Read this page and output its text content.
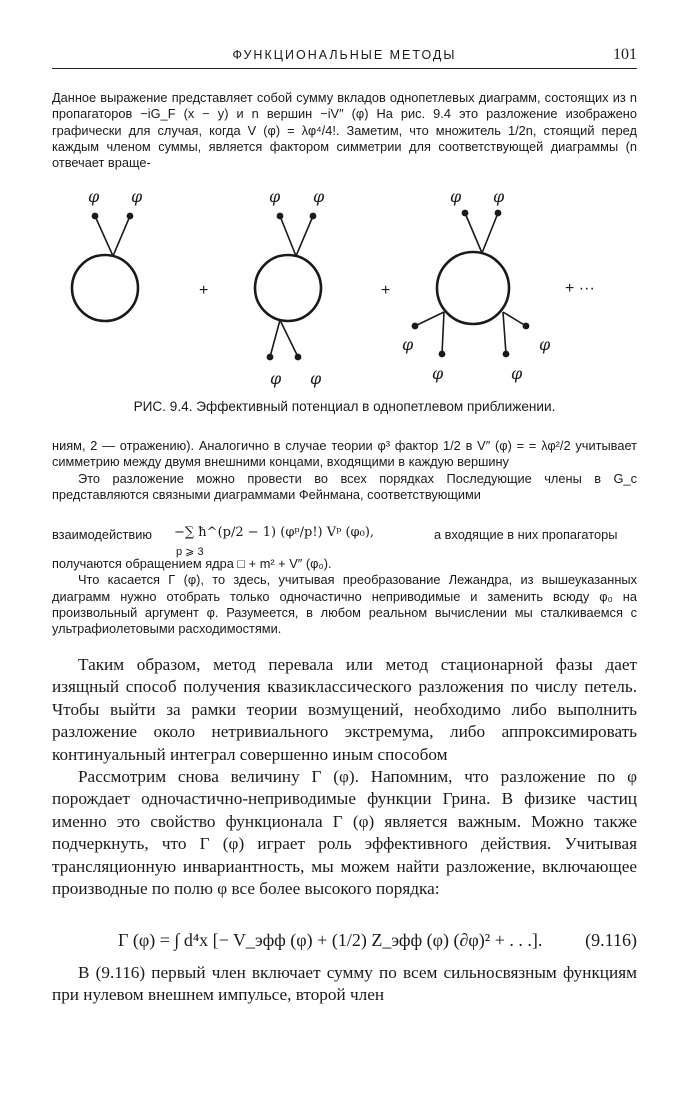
ФУНКЦИОНАЛЬНЫЕ МЕТОДЫ	101

Данное выражение представляет собой сумму вкладов однопетлевых диаграмм, состоящих из n пропагаторов −iG_F (x − y) и n вершин −iV″ (φ) На рис. 9.4 это разложение изображено графически для случая, когда V (φ) = λφ⁴/4!. Заметим, что множитель 1/2n, стоящий перед каждым членом суммы, является фактором симметрии для соответствующей диаграммы (n отвечает враще-

φ φ	φ φ
φ φ
φ φ
φ
φ
φ
φ
+	+	+ ···
РИС. 9.4. Эффективный потенциал в однопетлевом приближении.

ниям, 2 — отражению). Аналогично в случае теории φ³ фактор 1/2 в V″ (φ) = = λφ²/2 учитывает симметрию между двумя внешними концами, входящими в каждую вершину

Это разложение можно провести во всех порядках Последующие члены в G_c представляются связными диаграммами Фейнмана, соответствующими

взаимодействию −∑ ħ^(p/2 − 1) (φᵖ/p!) Vᵖ (φ₀),
p ⩾ 3
а входящие в них пропагаторы

получаются обращением ядра □ + m² + V″ (φ₀).

Что касается Γ (φ), то здесь, учитывая преобразование Лежандра, из вышеуказанных диаграмм нужно отобрать только одночастично неприводимые и заменить всюду φ₀ на произвольный аргумент φ. Разумеется, в любом реальном вычислении мы сталкиваемся с ультрафиолетовыми расходимостями.

Таким образом, метод перевала или метод стационарной фазы дает изящный способ получения квазиклассического разложения по числу петель. Чтобы выйти за рамки теории возмущений, необходимо либо выполнить разложение около нетривиального экстремума, либо аппроксимировать континуальный интеграл совершенно иным способом

Рассмотрим снова величину Γ (φ). Напомним, что разложение по φ порождает одночастично-неприводимые функции Грина. В физике частиц именно это свойство функционала Γ (φ) является важным. Можно также подчеркнуть, что Γ (φ) играет роль эффективного действия. Учитывая трансляционную инвариантность, мы можем найти разложение, включающее производные по полю φ все более высокого порядка:

Γ (φ) = ∫ d⁴x [− V_эфф (φ) + (1/2) Z_эфф (φ) (∂φ)² + . . .]. (9.116)

В (9.116) первый член включает сумму по всем сильносвязным функциям при нулевом внешнем импульсе, второй член
